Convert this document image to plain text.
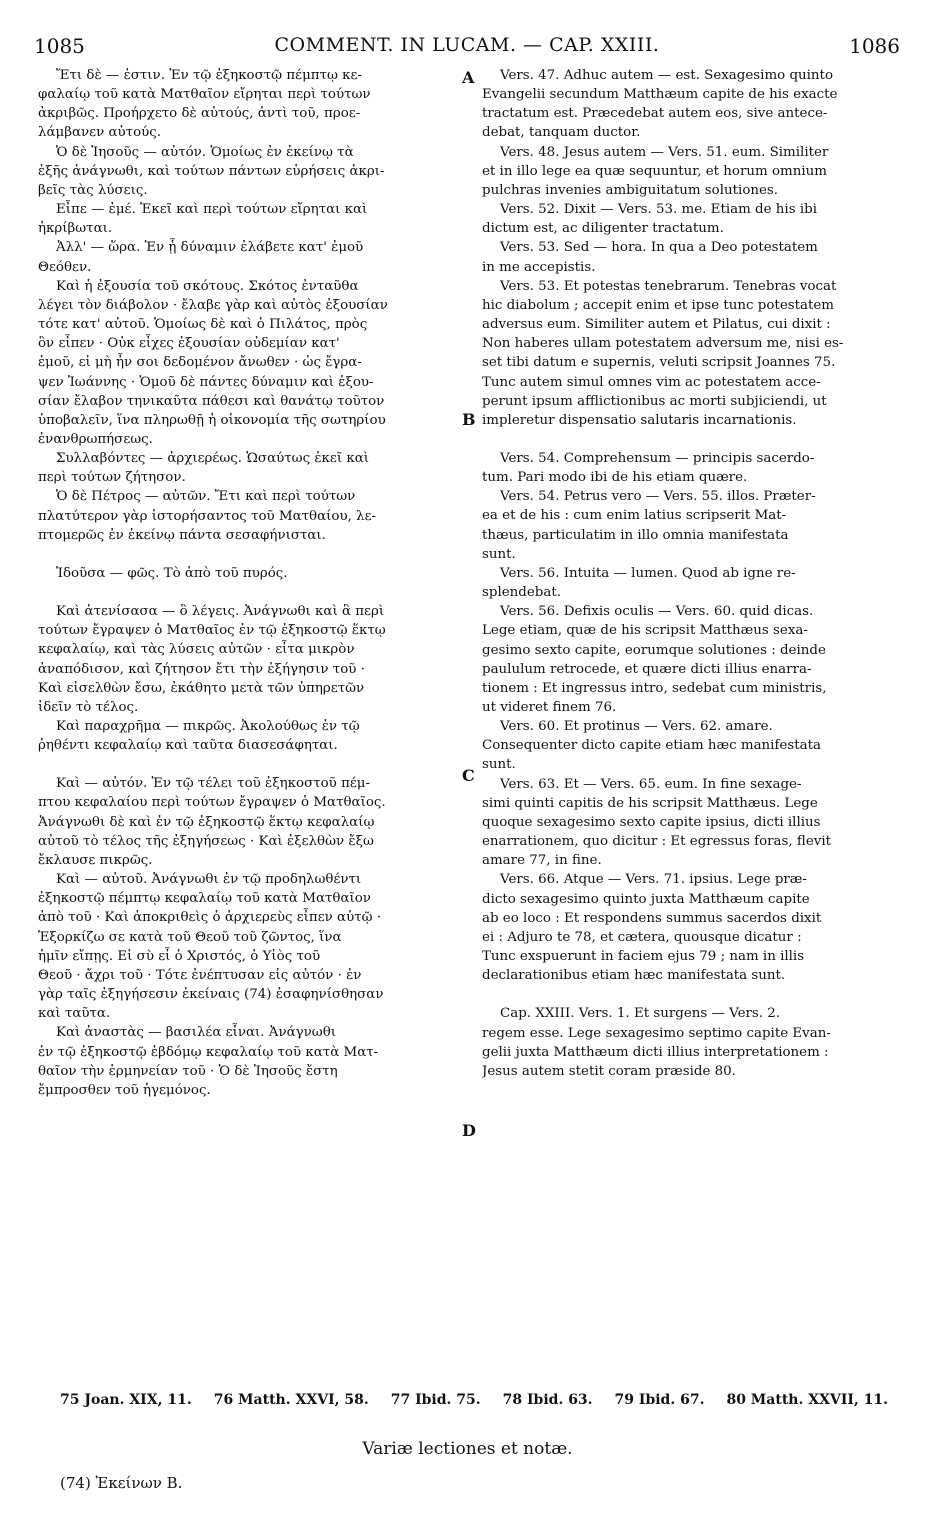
1085	COMMENT. IN LUCAM. — CAP. XXIII.	1086
Ἔτι δὲ — ἐστιν. Ἐν τῷ ἐξηκοστῷ πέμπτῳ κε-
φαλαίῳ τοῦ κατὰ Ματθαῖον εἴρηται περὶ τούτων
ἀκριβῶς. Προήρχετο δὲ αὐτούς, ἀντὶ τοῦ, προε-
λάμβανεν αὐτούς.
Ὁ δὲ Ἰησοῦς — αὐτόν. Ὁμοίως ἐν ἐκείνῳ τὰ
ἑξῆς ἀνάγνωθι, καὶ τούτων πάντων εὑρήσεις ἀκρι-
βεῖς τὰς λύσεις.
Εἶπε — ἐμέ. Ἐκεῖ καὶ περὶ τούτων εἴρηται καὶ
ἠκρίβωται.
Ἀλλ' — ὥρα. Ἐν ᾗ δύναμιν ἐλάβετε κατ' ἐμοῦ
Θεόθεν.
Καὶ ἡ ἐξουσία τοῦ σκότους. Σκότος ἐνταῦθα
λέγει τὸν διάβολον · ἔλαβε γὰρ καὶ αὐτὸς ἐξουσίαν
τότε κατ' αὐτοῦ. Ὁμοίως δὲ καὶ ὁ Πιλάτος, πρὸς
ὃν εἶπεν · Οὐκ εἶχες ἐξουσίαν οὐδεμίαν κατ'
ἐμοῦ, εἰ μὴ ἦν σοι δεδομένον ἄνωθεν · ὡς ἔγρα-
ψεν Ἰωάννης · Ὁμοῦ δὲ πάντες δύναμιν καὶ ἐξου-
σίαν ἔλαβον τηνικαῦτα πάθεσι καὶ θανάτῳ τοῦτον
ὑποβαλεῖν, ἵνα πληρωθῇ ἡ οἰκονομία τῆς σωτηρίου
ἐνανθρωπήσεως.
Συλλαβόντες — ἀρχιερέως. Ὡσαύτως ἐκεῖ καὶ
περὶ τούτων ζήτησον.
Ὁ δὲ Πέτρος — αὐτῶν. Ἔτι καὶ περὶ τούτων
πλατύτερον γὰρ ἱστορήσαντος τοῦ Ματθαίου, λε-
πτομερῶς ἐν ἐκείνῳ πάντα σεσαφήνισται.
Ἰδοῦσα — φῶς. Τὸ ἀπὸ τοῦ πυρός.
Καὶ ἀτενίσασα — ὃ λέγεις. Ἀνάγνωθι καὶ ἃ περὶ
τούτων ἔγραψεν ὁ Ματθαῖος ἐν τῷ ἑξηκοστῷ ἕκτῳ
κεφαλαίῳ, καὶ τὰς λύσεις αὐτῶν · εἶτα μικρὸν
ἀναπόδισον, καὶ ζήτησον ἔτι τὴν ἐξήγησιν τοῦ ·
Καὶ εἰσελθὼν ἔσω, ἐκάθητο μετὰ τῶν ὑπηρετῶν
ἰδεῖν τὸ τέλος.
Καὶ παραχρῆμα — πικρῶς. Ἀκολούθως ἐν τῷ
ῥηθέντι κεφαλαίῳ καὶ ταῦτα διασεσάφηται.
Καὶ — αὐτόν. Ἐν τῷ τέλει τοῦ ἐξηκοστοῦ πέμ-
πτου κεφαλαίου περὶ τούτων ἔγραψεν ὁ Ματθαῖος.
Ἀνάγνωθι δὲ καὶ ἐν τῷ ἐξηκοστῷ ἕκτῳ κεφαλαίῳ
αὐτοῦ τὸ τέλος τῆς ἐξηγήσεως · Καὶ ἐξελθὼν ἔξω
ἔκλαυσε πικρῶς.
Καὶ — αὐτοῦ. Ἀνάγνωθι ἐν τῷ προδηλωθέντι
ἐξηκοστῷ πέμπτῳ κεφαλαίῳ τοῦ κατὰ Ματθαῖον
ἀπὸ τοῦ · Καὶ ἀποκριθεὶς ὁ ἀρχιερεὺς εἶπεν αὐτῷ ·
Ἐξορκίζω σε κατὰ τοῦ Θεοῦ τοῦ ζῶντος, ἵνα
ἡμῖν εἴπῃς. Εἰ σὺ εἶ ὁ Χριστός, ὁ Υἱὸς τοῦ
Θεοῦ · ἄχρι τοῦ · Τότε ἐνέπτυσαν εἰς αὐτόν · ἐν
γὰρ ταῖς ἐξηγήσεσιν ἐκείναις (74) ἐσαφηνίσθησαν
καὶ ταῦτα.
Καὶ ἀναστὰς — βασιλέα εἶναι. Ἀνάγνωθι
ἐν τῷ ἐξηκοστῷ ἑβδόμῳ κεφαλαίῳ τοῦ κατὰ Ματ-
θαῖον τὴν ἑρμηνείαν τοῦ · Ὁ δὲ Ἰησοῦς ἔστη
ἔμπροσθεν τοῦ ἡγεμόνος.
Vers. 47. Adhuc autem — est. Sexagesimo quinto
Evangelii secundum Matthæum capite de his exacte
tractatum est. Præcedebat autem eos, sive antece-
debat, tanquam ductor.
Vers. 48. Jesus autem — Vers. 51. eum. Similiter
et in illo lege ea quæ sequuntur, et horum omnium
pulchras invenies ambiguitatum solutiones.
Vers. 52. Dixit — Vers. 53. me. Etiam de his ibi
dictum est, ac diligenter tractatum.
Vers. 53. Sed — hora. In qua a Deo potestatem
in me accepistis.
Vers. 53. Et potestas tenebrarum. Tenebras vocat
hic diabolum ; accepit enim et ipse tunc potestatem
adversus eum. Similiter autem et Pilatus, cui dixit :
Non haberes ullam potestatem adversum me, nisi es-
set tibi datum e supernis, veluti scripsit Joannes 75.
Tunc autem simul omnes vim ac potestatem acce-
perunt ipsum afflictionibus ac morti subjiciendi, ut
impleretur dispensatio salutaris incarnationis.
Vers. 54. Comprehensum — principis sacerdo-
tum. Pari modo ibi de his etiam quære.
Vers. 54. Petrus vero — Vers. 55. illos. Præter-
ea et de his : cum enim latius scripserit Mat-
thæus, particulatim in illo omnia manifestata
sunt.
Vers. 56. Intuita — lumen. Quod ab igne re-
splendebat.
Vers. 56. Defixis oculis — Vers. 60. quid dicas.
Lege etiam, quæ de his scripsit Matthæus sexa-
gesimo sexto capite, eorumque solutiones : deinde
paululum retrocede, et quære dicti illius enarra-
tionem : Et ingressus intro, sedebat cum ministris,
ut videret finem 76.
Vers. 60. Et protinus — Vers. 62. amare.
Consequenter dicto capite etiam hæc manifestata
sunt.
Vers. 63. Et — Vers. 65. eum. In fine sexage-
simi quinti capitis de his scripsit Matthæus. Lege
quoque sexagesimo sexto capite ipsius, dicti illius
enarrationem, quo dicitur : Et egressus foras, flevit
amare 77, in fine.
Vers. 66. Atque — Vers. 71. ipsius. Lege præ-
dicto sexagesimo quinto juxta Matthæum capite
ab eo loco : Et respondens summus sacerdos dixit
ei : Adjuro te 78, et cætera, quousque dicatur :
Tunc exspuerunt in faciem ejus 79 ; nam in illis
declarationibus etiam hæc manifestata sunt.
Cap. XXIII. Vers. 1. Et surgens — Vers. 2.
regem esse. Lege sexagesimo septimo capite Evan-
gelii juxta Matthæum dicti illius interpretationem :
Jesus autem stetit coram præside 80.
A
B
C
D
75 Joan. XIX, 11. 76 Matth. XXVI, 58. 77 Ibid. 75. 78 Ibid. 63. 79 Ibid. 67. 80 Matth. XXVII, 11.
Variæ lectiones et notæ.
(74) Ἐκείνων B.
